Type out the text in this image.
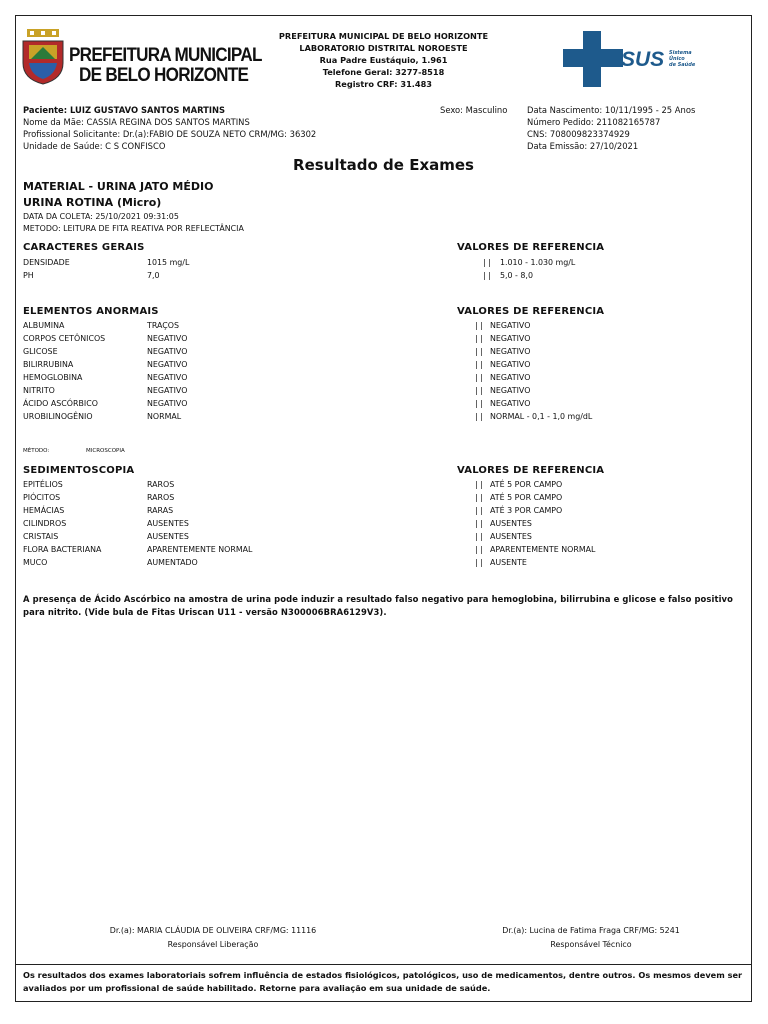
PREFEITURA MUNICIPAL
DE BELO HORIZONTE
PREFEITURA MUNICIPAL DE BELO HORIZONTE
LABORATORIO DISTRITAL NOROESTE
Rua Padre Eustáquio, 1.961
Telefone Geral: 3277-8518
Registro CRF: 31.483
SUS Sistema
Único
de Saúde
Paciente: LUIZ GUSTAVO SANTOS MARTINS
Nome da Mãe: CASSIA REGINA DOS SANTOS MARTINS
Profissional Solicitante: Dr.(a):FABIO DE SOUZA NETO CRM/MG: 36302
Unidade de Saúde: C S CONFISCO
Sexo: Masculino Data Nascimento: 10/11/1995 - 25 Anos
Número Pedido: 211082165787
CNS: 708009823374929
Data Emissão: 27/10/2021
Resultado de Exames
MATERIAL - URINA JATO MÉDIO
URINA ROTINA (Micro)
DATA DA COLETA: 25/10/2021 09:31:05
METODO: LEITURA DE FITA REATIVA POR REFLECTÂNCIA
CARACTERES GERAIS	VALORES DE REFERENCIA
DENSIDADE	1015 mg/L	| | 1.010 - 1.030 mg/L
PH	7,0	| | 5,0 - 8,0
ELEMENTOS ANORMAIS	VALORES DE REFERENCIA
ALBUMINA	TRAÇOS	| | NEGATIVO
CORPOS CETÔNICOS	NEGATIVO	| | NEGATIVO
GLICOSE	NEGATIVO	| | NEGATIVO
BILIRRUBINA	NEGATIVO	| | NEGATIVO
HEMOGLOBINA	NEGATIVO	| | NEGATIVO
NITRITO	NEGATIVO	| | NEGATIVO
ÁCIDO ASCÓRBICO	NEGATIVO	| | NEGATIVO
UROBILINOGÊNIO	NORMAL	| | NORMAL - 0,1 - 1,0 mg/dL
MÉTODO:	MICROSCOPIA
SEDIMENTOSCOPIA	VALORES DE REFERENCIA
EPITÉLIOS	RAROS	| | ATÉ 5 POR CAMPO
PIÓCITOS	RAROS	| | ATÉ 5 POR CAMPO
HEMÁCIAS	RARAS	| | ATÉ 3 POR CAMPO
CILINDROS	AUSENTES	| | AUSENTES
CRISTAIS	AUSENTES	| | AUSENTES
FLORA BACTERIANA	APARENTEMENTE NORMAL	| | APARENTEMENTE NORMAL
MUCO	AUMENTADO	| | AUSENTE
A presença de Ácido Ascórbico na amostra de urina pode induzir a resultado falso negativo para hemoglobina, bilirrubina e glicose e falso positivo para nitrito. (Vide bula de Fitas Uriscan U11 - versão N300006BRA6129V3).
Dr.(a): MARIA CLÁUDIA DE OLIVEIRA CRF/MG: 11116
Responsável Liberação
Dr.(a): Lucina de Fatima Fraga CRF/MG: 5241
Responsável Técnico
Os resultados dos exames laboratoriais sofrem influência de estados fisiológicos, patológicos, uso de medicamentos, dentre outros. Os mesmos devem ser avaliados por um profissional de saúde habilitado. Retorne para avaliação em sua unidade de saúde.
